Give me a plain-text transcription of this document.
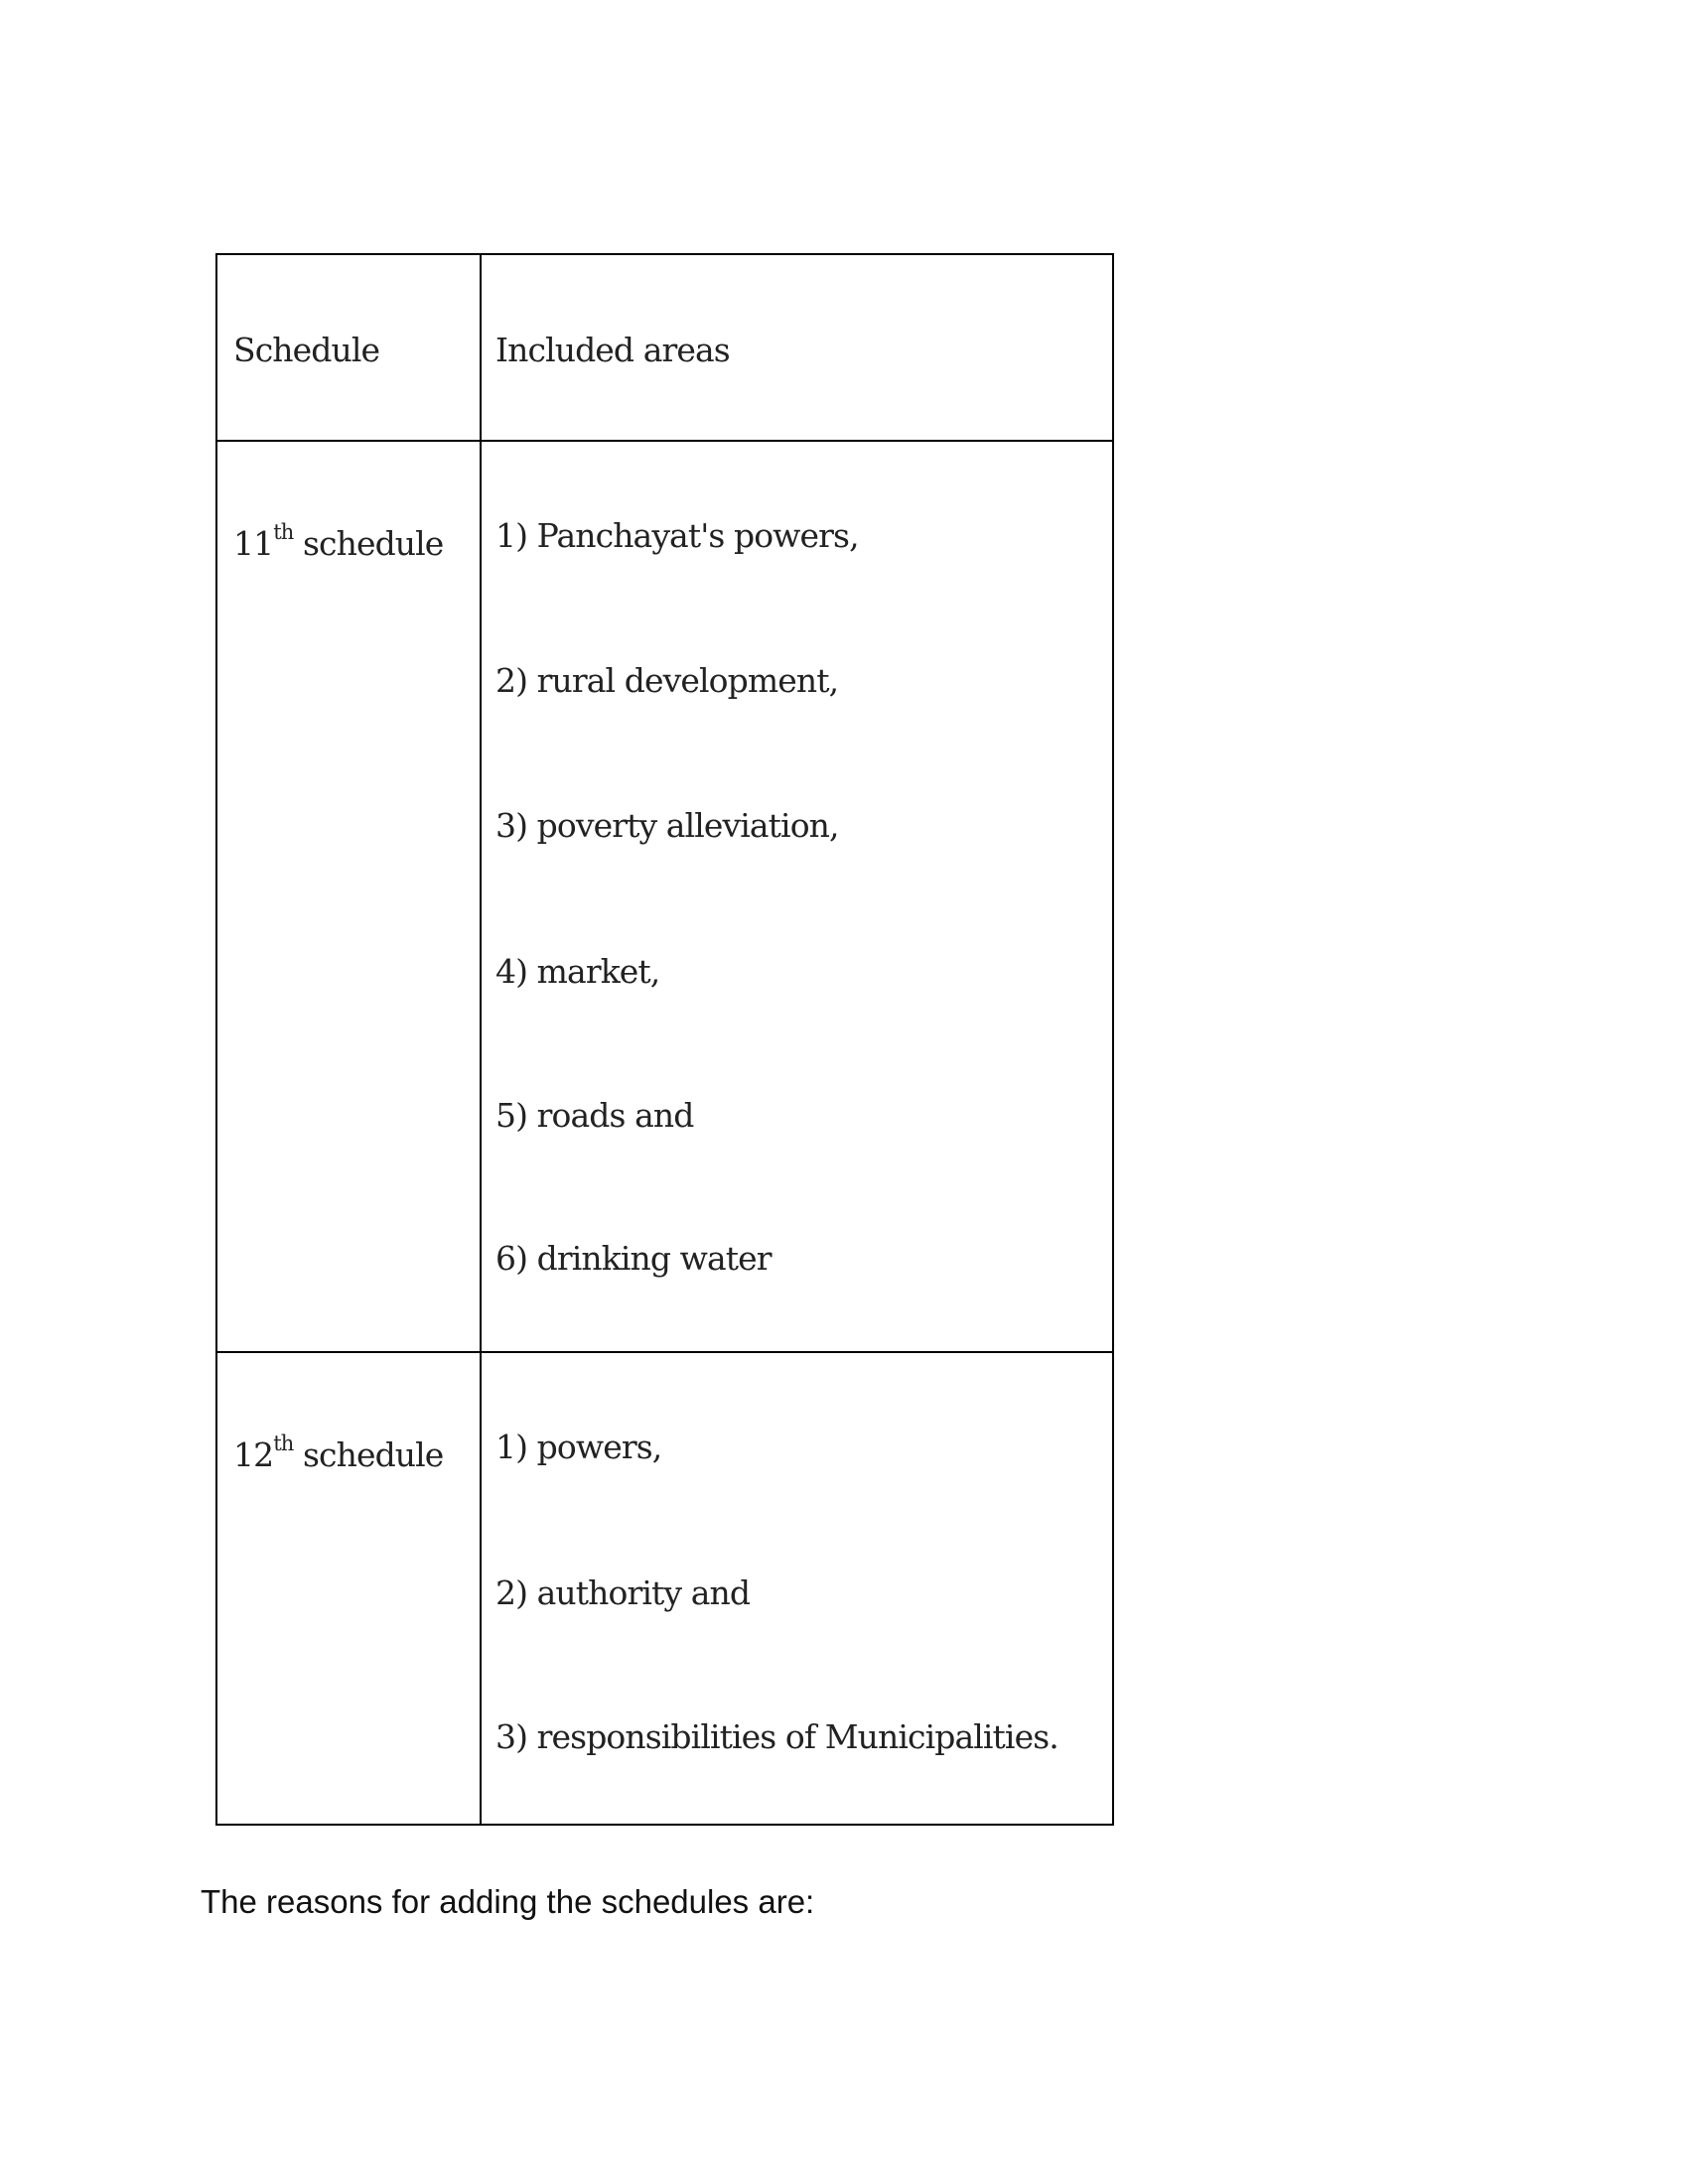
Schedule	Included areas
11th schedule 1) Panchayat's powers,
2) rural development,
3) poverty alleviation,
4) market,
5) roads and
6) drinking water
12th schedule 1) powers,
2) authority and
3) responsibilities of Municipalities.
The reasons for adding the schedules are:
